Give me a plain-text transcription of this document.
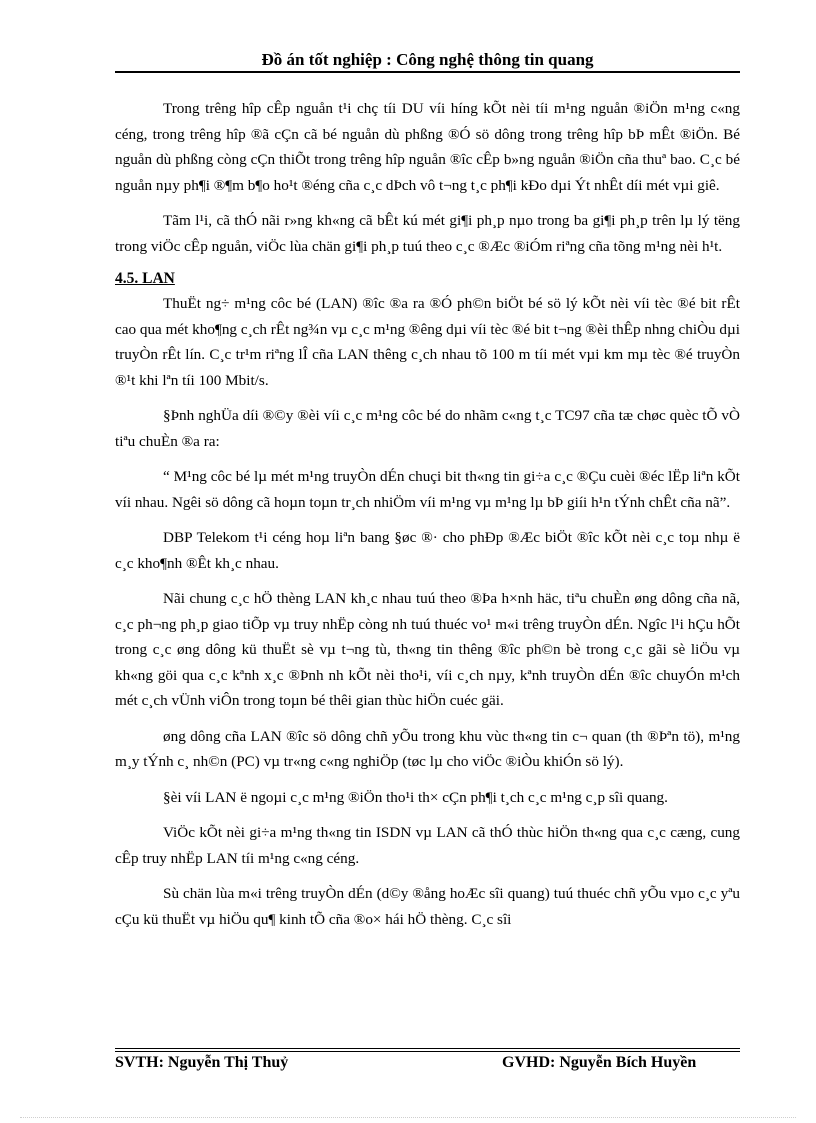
Đồ án tốt nghiệp : Công nghệ thông tin quang

Trong trêng hîp cÊp nguån t¹i chç tíi DU víi híng kÕt nèi tíi m¹ng nguån ®iÖn m¹ng c«ng céng, trong trêng hîp ®ã cÇn cã bé nguån dù phßng ®Ó sö dông trong trêng hîp bÞ mÊt ®iÖn. Bé nguån dù phßng còng cÇn thiÕt trong trêng hîp nguån ®îc cÊp b»ng nguån ®iÖn cña thuª bao. C¸c bé nguån nµy ph¶i ®¶m b¶o ho¹t ®éng cña c¸c dÞch vô t¬ng t¸c ph¶i kÐo dµi Ýt nhÊt díi mét vµi giê.

Tãm l¹i, cã thÓ nãi r»ng kh«ng cã bÊt kú mét gi¶i ph¸p nµo trong ba gi¶i ph¸p trên lµ lý tëng trong viÖc cÊp nguån, viÖc lùa chän gi¶i ph¸p tuú theo c¸c ®Æc ®iÓm riªng cña tõng m¹ng nèi h¹t.

4.5. LAN

ThuËt ng÷ m¹ng côc bé (LAN) ®îc ®a ra ®Ó ph©n biÖt bé sö lý kÕt nèi víi tèc ®é bit rÊt cao qua mét kho¶ng c¸ch rÊt ng¾n vµ c¸c m¹ng ®êng dµi víi tèc ®é bit t¬ng ®èi thÊp nhng chiÒu dµi truyÒn rÊt lín. C¸c tr¹m riªng lÎ cña LAN thêng c¸ch nhau tõ 100 m tíi mét vµi km mµ tèc ®é truyÒn ®¹t khi lªn tíi 100 Mbit/s.

§Þnh nghÜa díi ®©y ®èi víi c¸c m¹ng côc bé do nhãm c«ng t¸c TC97 cña tæ chøc quèc tÕ vÒ tiªu chuÈn ®a ra:

“ M¹ng côc bé lµ mét m¹ng truyÒn dÉn chuçi bit th«ng tin gi÷a c¸c ®Çu cuèi ®éc lËp liªn kÕt víi nhau. Ngêi sö dông cã hoµn toµn tr¸ch nhiÖm víi m¹ng vµ m¹ng lµ bÞ giíi h¹n tÝnh chÊt cña nã”.

DBP Telekom t¹i céng hoµ liªn bang §øc ®· cho phÐp ®Æc biÖt ®îc kÕt nèi c¸c toµ nhµ ë c¸c kho¶nh ®Êt kh¸c nhau.

Nãi chung c¸c hÖ thèng LAN kh¸c nhau tuú theo ®Þa h×nh häc, tiªu chuÈn øng dông cña nã, c¸c ph¬ng ph¸p giao tiÕp vµ truy nhËp còng nh tuú thuéc vo¹ m«i trêng truyÒn dÉn. Ngîc l¹i hÇu hÕt trong c¸c øng dông kü thuËt sè vµ t¬ng tù, th«ng tin thêng ®îc ph©n bè trong c¸c gãi sè liÖu vµ kh«ng göi qua c¸c kªnh x¸c ®Þnh nh kÕt nèi tho¹i, víi c¸ch nµy, kªnh truyÒn dÉn ®îc chuyÓn m¹ch mét c¸ch vÜnh viÔn trong toµn bé thêi gian thùc hiÖn cuéc gäi.

øng dông cña LAN ®îc sö dông chñ yÕu trong khu vùc th«ng tin c¬ quan (th ®Þªn tö), m¹ng m¸y tÝnh c¸ nh©n (PC) vµ tr«ng c«ng nghiÖp (tøc lµ cho viÖc ®iÒu khiÓn sö lý).

§èi víi LAN ë ngoµi c¸c m¹ng ®iÖn tho¹i th× cÇn ph¶i t¸ch c¸c m¹ng c¸p sîi quang.

ViÖc kÕt nèi gi÷a m¹ng th«ng tin ISDN vµ LAN cã thÓ thùc hiÖn th«ng qua c¸c cæng, cung cÊp truy nhËp LAN tíi m¹ng c«ng céng.

Sù chän lùa m«i trêng truyÒn dÉn (d©y ®ång hoÆc sîi quang) tuú thuéc chñ yÕu vµo c¸c yªu cÇu kü thuËt vµ hiÖu qu¶ kinh tÕ cña ®o× hái hÖ thèng. C¸c sîi

SVTH: Nguyễn Thị Thuỷ	GVHD: Nguyễn Bích Huyền
